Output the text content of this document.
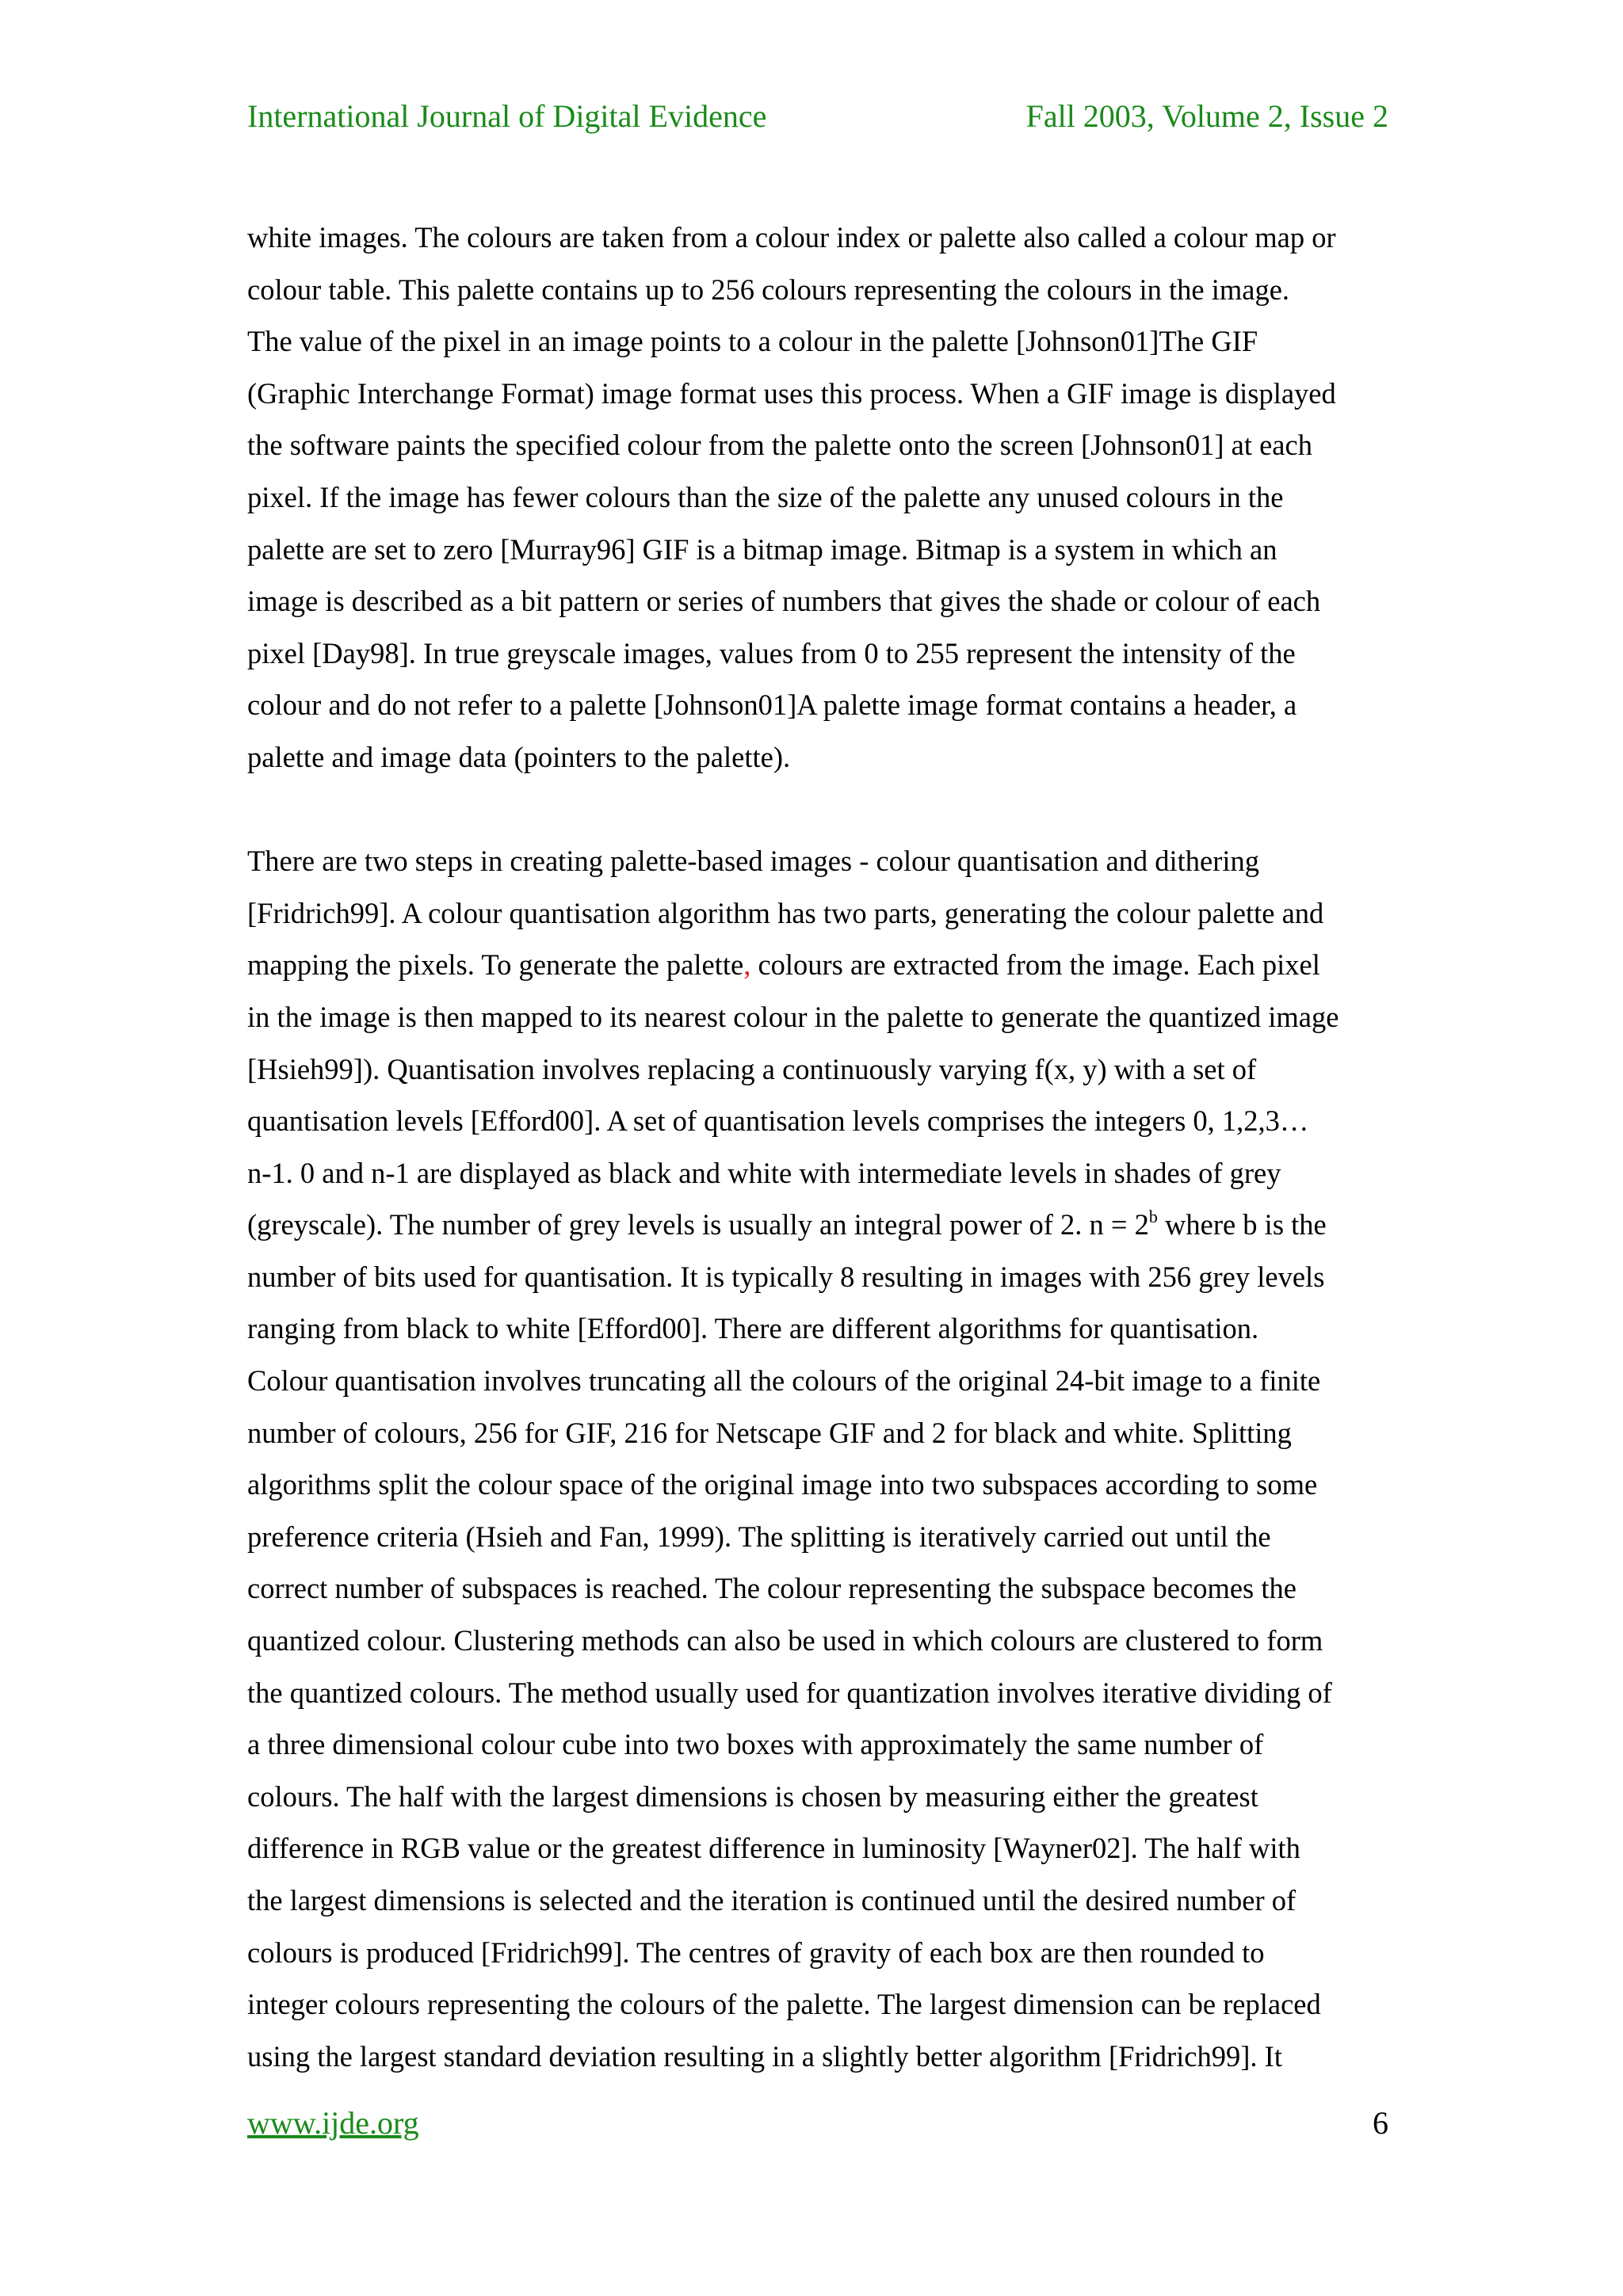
International Journal of Digital Evidence	Fall 2003, Volume 2, Issue 2
white images. The colours are taken from a colour index or palette also called a colour map or
colour table. This palette contains up to 256 colours representing the colours in the image.
The value of the pixel in an image points to a colour in the palette [Johnson01]The GIF
(Graphic Interchange Format) image format uses this process. When a GIF image is displayed
the software paints the specified colour from the palette onto the screen [Johnson01] at each
pixel. If the image has fewer colours than the size of the palette any unused colours in the
palette are set to zero [Murray96] GIF is a bitmap image. Bitmap is a system in which an
image is described as a bit pattern or series of numbers that gives the shade or colour of each
pixel [Day98]. In true greyscale images, values from 0 to 255 represent the intensity of the
colour and do not refer to a palette [Johnson01]A palette image format contains a header, a
palette and image data (pointers to the palette).
There are two steps in creating palette-based images - colour quantisation and dithering
[Fridrich99]. A colour quantisation algorithm has two parts, generating the colour palette and
mapping the pixels. To generate the palette, colours are extracted from the image. Each pixel
in the image is then mapped to its nearest colour in the palette to generate the quantized image
[Hsieh99]). Quantisation involves replacing a continuously varying f(x, y) with a set of
quantisation levels [Efford00]. A set of quantisation levels comprises the integers 0, 1,2,3…
n-1. 0 and n-1 are displayed as black and white with intermediate levels in shades of grey
(greyscale). The number of grey levels is usually an integral power of 2. $n = 2^b$ where b is the
number of bits used for quantisation. It is typically 8 resulting in images with 256 grey levels
ranging from black to white [Efford00]. There are different algorithms for quantisation.
Colour quantisation involves truncating all the colours of the original 24-bit image to a finite
number of colours, 256 for GIF, 216 for Netscape GIF and 2 for black and white. Splitting
algorithms split the colour space of the original image into two subspaces according to some
preference criteria (Hsieh and Fan, 1999). The splitting is iteratively carried out until the
correct number of subspaces is reached. The colour representing the subspace becomes the
quantized colour. Clustering methods can also be used in which colours are clustered to form
the quantized colours. The method usually used for quantization involves iterative dividing of
a three dimensional colour cube into two boxes with approximately the same number of
colours. The half with the largest dimensions is chosen by measuring either the greatest
difference in RGB value or the greatest difference in luminosity [Wayner02]. The half with
the largest dimensions is selected and the iteration is continued until the desired number of
colours is produced [Fridrich99]. The centres of gravity of each box are then rounded to
integer colours representing the colours of the palette. The largest dimension can be replaced
using the largest standard deviation resulting in a slightly better algorithm [Fridrich99]. It
www.ijde.org	6
